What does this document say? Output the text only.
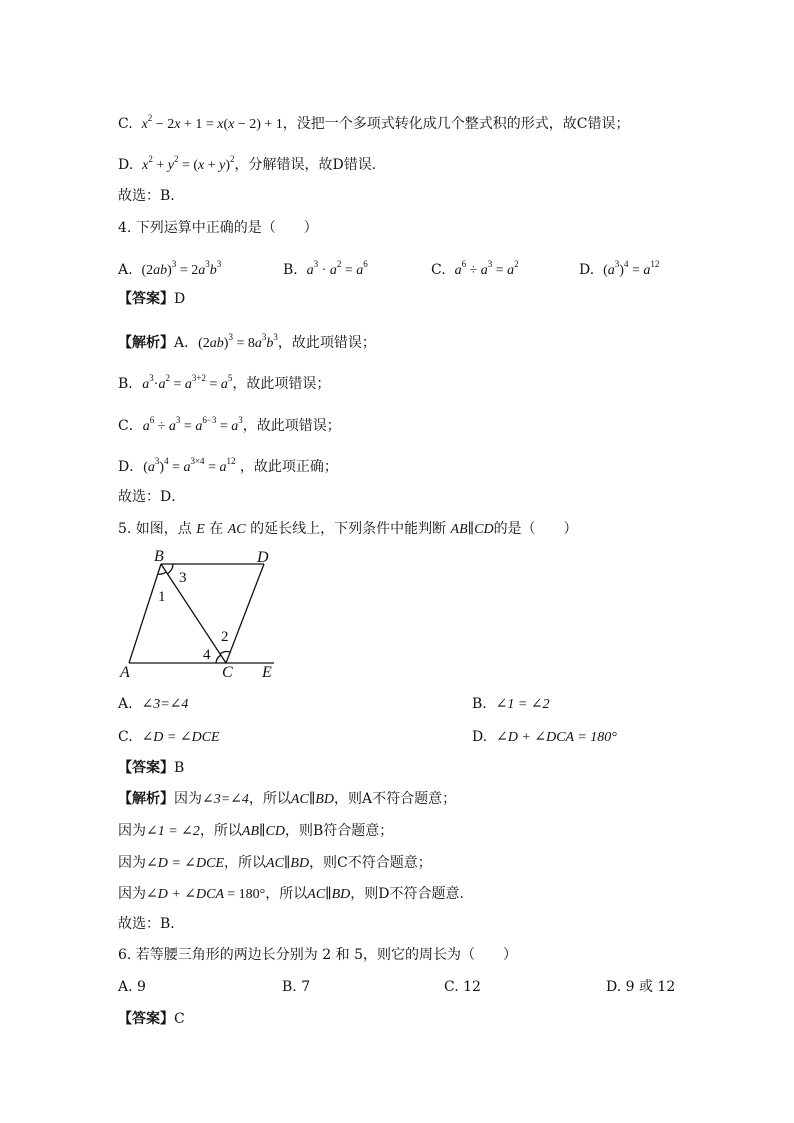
C. $x^2 - 2x + 1 = x(x - 2) + 1$，没把一个多项式转化成几个整式积的形式，故C错误；
D. $x^2 + y^2 = (x + y)^2$，分解错误，故D错误.
故选：B.
4. 下列运算中正确的是（　　）
A. $(2ab)^3 = 2a^3b^3$	B. $a^3 \cdot a^2 = a^6$	C. $a^6 \div a^3 = a^2$	D. $(a^3)^4 = a^{12}$
【答案】D
【解析】A．$(2ab)^3 = 8a^3b^3$，故此项错误；
B．$a^3\cdot a^2 = a^{3+2} = a^5$，故此项错误；
C．$a^6 \div a^3 = a^{6-3} = a^3$，故此项错误；
D．$(a^3)^4 = a^{3\times 4} = a^{12}$ ，故此项正确；
故选：D．
5. 如图，点 E 在 AC 的延长线上，下列条件中能判断 AB∥CD的是（　　）
B	D
A	C E
3
1
2
4
A. ∠3=∠4	B. ∠1 = ∠2
C. ∠D = ∠DCE	D. ∠D + ∠DCA = 180°
【答案】B
【解析】因为∠3=∠4，所以AC∥BD，则A不符合题意；
因为∠1 = ∠2，所以AB∥CD，则B符合题意；
因为∠D = ∠DCE，所以AC∥BD，则C不符合题意；
因为∠D + ∠DCA = 180°，所以AC∥BD，则D不符合题意.
故选：B．
6. 若等腰三角形的两边长分别为 2 和 5，则它的周长为（　　）
A. 9	B. 7	C. 12	D. 9 或 12
【答案】C
